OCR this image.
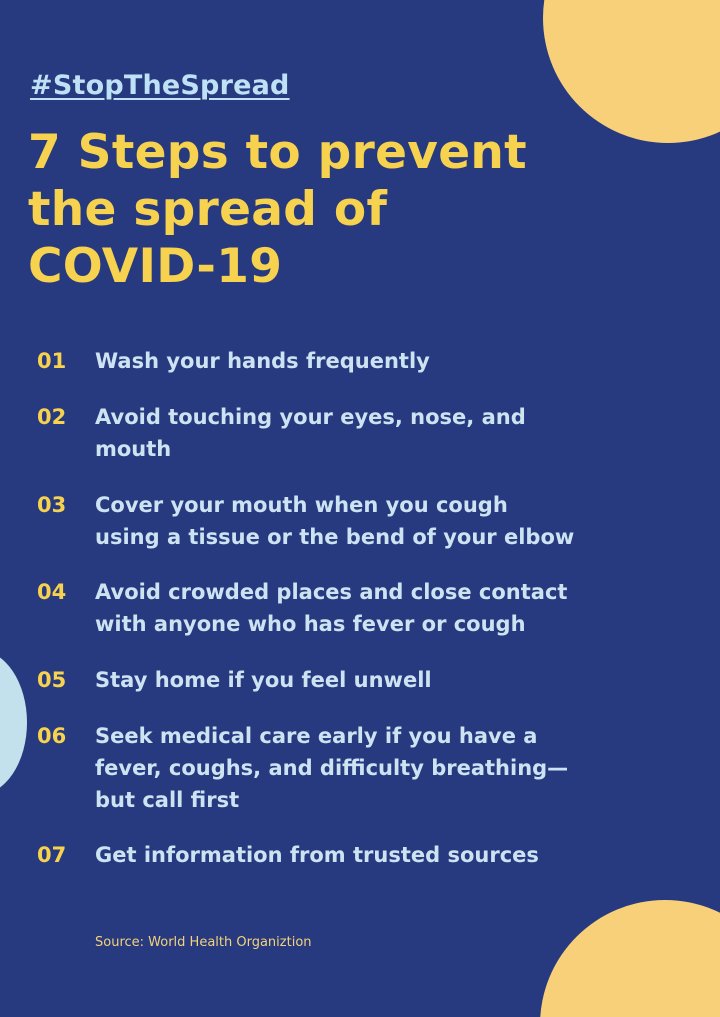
#StopTheSpread
7 Steps to prevent the spread of COVID-19
01	Wash your hands frequently
02	Avoid touching your eyes, nose, and mouth
03	Cover your mouth when you cough using a tissue or the bend of your elbow
04	Avoid crowded places and close contact with anyone who has fever or cough
05	Stay home if you feel unwell
06	Seek medical care early if you have a fever, coughs, and difficulty breathing—but call first
07	Get information from trusted sources
Source: World Health Organiztion
